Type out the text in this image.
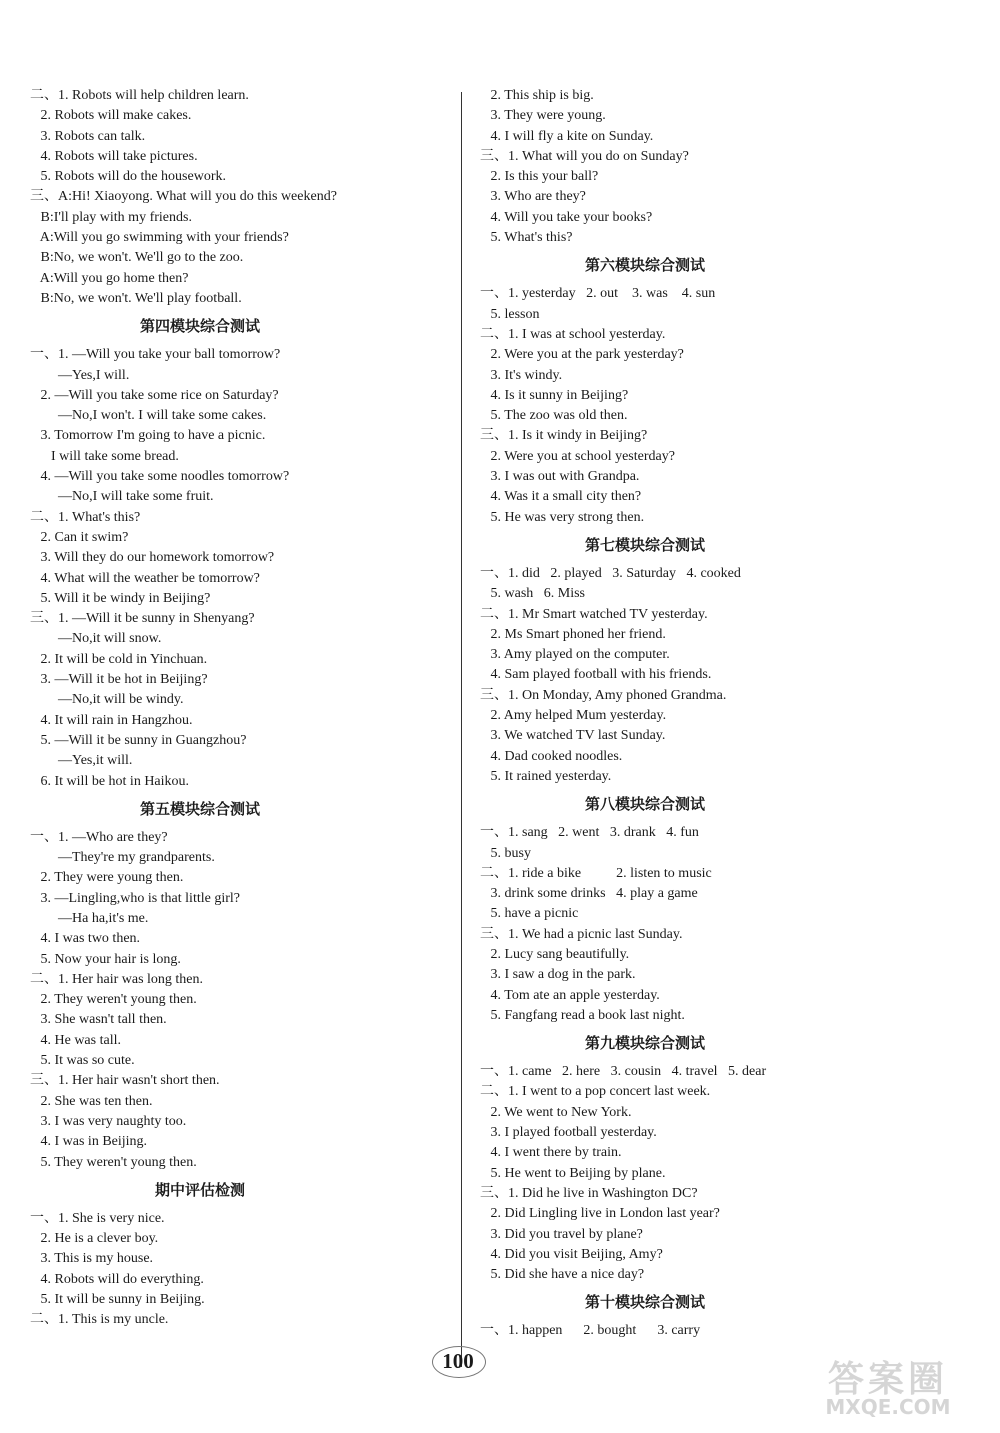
二、1. Robots will help children learn.
2. Robots will make cakes.
3. Robots can talk.
4. Robots will take pictures.
5. Robots will do the housework.
三、A:Hi! Xiaoyong. What will you do this weekend?
B:I'll play with my friends.
A:Will you go swimming with your friends?
B:No, we won't. We'll go to the zoo.
A:Will you go home then?
B:No, we won't. We'll play football.
第四模块综合测试
一、1. —Will you take your ball tomorrow?
—Yes,I will.
2. —Will you take some rice on Saturday?
—No,I won't. I will take some cakes.
3. Tomorrow I'm going to have a picnic.
I will take some bread.
4. —Will you take some noodles tomorrow?
—No,I will take some fruit.
二、1. What's this?
2. Can it swim?
3. Will they do our homework tomorrow?
4. What will the weather be tomorrow?
5. Will it be windy in Beijing?
三、1. —Will it be sunny in Shenyang?
—No,it will snow.
2. It will be cold in Yinchuan.
3. —Will it be hot in Beijing?
—No,it will be windy.
4. It will rain in Hangzhou.
5. —Will it be sunny in Guangzhou?
—Yes,it will.
6. It will be hot in Haikou.
第五模块综合测试
一、1. —Who are they?
—They're my grandparents.
2. They were young then.
3. —Lingling,who is that little girl?
—Ha ha,it's me.
4. I was two then.
5. Now your hair is long.
二、1. Her hair was long then.
2. They weren't young then.
3. She wasn't tall then.
4. He was tall.
5. It was so cute.
三、1. Her hair wasn't short then.
2. She was ten then.
3. I was very naughty too.
4. I was in Beijing.
5. They weren't young then.
期中评估检测
一、1. She is very nice.
2. He is a clever boy.
3. This is my house.
4. Robots will do everything.
5. It will be sunny in Beijing.
二、1. This is my uncle.
2. This ship is big.
3. They were young.
4. I will fly a kite on Sunday.
三、1. What will you do on Sunday?
2. Is this your ball?
3. Who are they?
4. Will you take your books?
5. What's this?
第六模块综合测试
一、1. yesterday   2. out    3. was    4. sun
5. lesson
二、1. I was at school yesterday.
2. Were you at the park yesterday?
3. It's windy.
4. Is it sunny in Beijing?
5. The zoo was old then.
三、1. Is it windy in Beijing?
2. Were you at school yesterday?
3. I was out with Grandpa.
4. Was it a small city then?
5. He was very strong then.
第七模块综合测试
一、1. did   2. played   3. Saturday   4. cooked
5. wash   6. Miss
二、1. Mr Smart watched TV yesterday.
2. Ms Smart phoned her friend.
3. Amy played on the computer.
4. Sam played football with his friends.
三、1. On Monday, Amy phoned Grandma.
2. Amy helped Mum yesterday.
3. We watched TV last Sunday.
4. Dad cooked noodles.
5. It rained yesterday.
第八模块综合测试
一、1. sang   2. went   3. drank   4. fun
5. busy
二、1. ride a bike          2. listen to music
3. drink some drinks   4. play a game
5. have a picnic
三、1. We had a picnic last Sunday.
2. Lucy sang beautifully.
3. I saw a dog in the park.
4. Tom ate an apple yesterday.
5. Fangfang read a book last night.
第九模块综合测试
一、1. came   2. here   3. cousin   4. travel   5. dear
二、1. I went to a pop concert last week.
2. We went to New York.
3. I played football yesterday.
4. I went there by train.
5. He went to Beijing by plane.
三、1. Did he live in Washington DC?
2. Did Lingling live in London last year?
3. Did you travel by plane?
4. Did you visit Beijing, Amy?
5. Did she have a nice day?
第十模块综合测试
一、1. happen      2. bought      3. carry
100	答案圈
MXQE.COM
